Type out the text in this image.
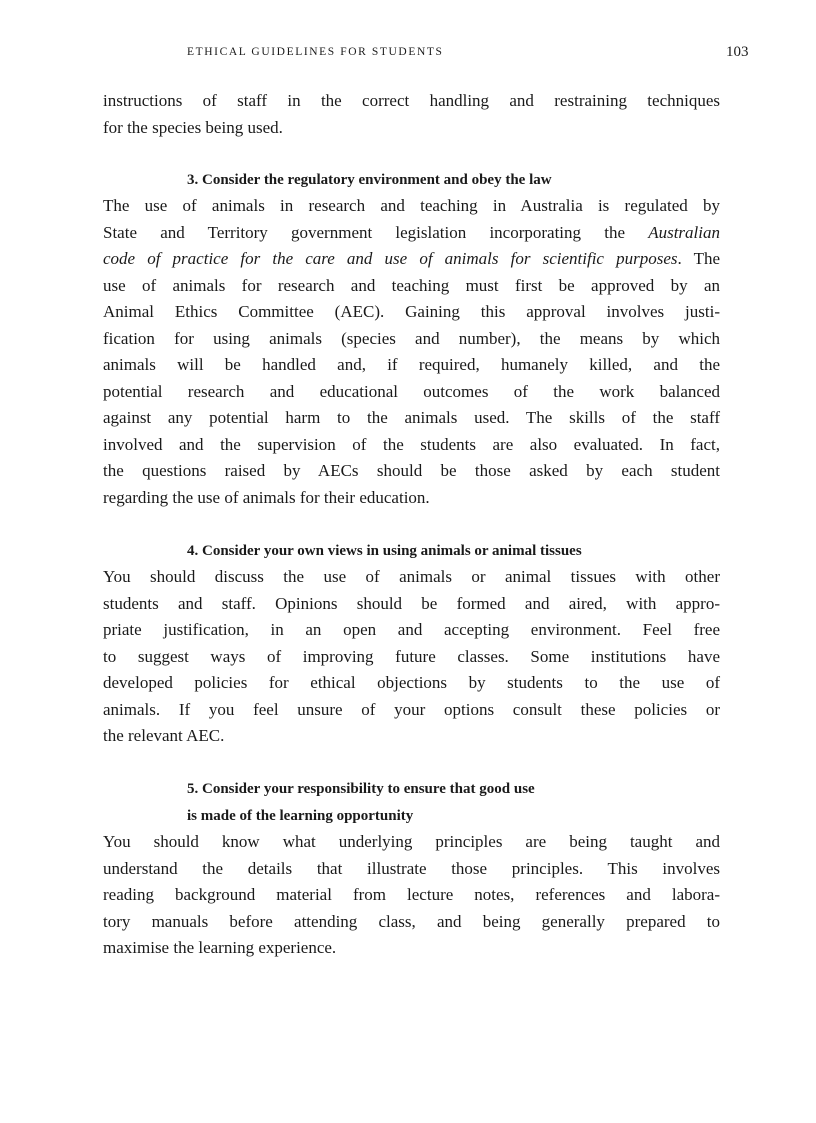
ETHICAL GUIDELINES FOR STUDENTS	103
instructions of staff in the correct handling and restraining techniques
for the species being used.
3. Consider the regulatory environment and obey the law
The use of animals in research and teaching in Australia is regulated by
State and Territory government legislation incorporating the Australian
code of practice for the care and use of animals for scientific purposes. The
use of animals for research and teaching must first be approved by an
Animal Ethics Committee (AEC). Gaining this approval involves justi-
fication for using animals (species and number), the means by which
animals will be handled and, if required, humanely killed, and the
potential research and educational outcomes of the work balanced
against any potential harm to the animals used. The skills of the staff
involved and the supervision of the students are also evaluated. In fact,
the questions raised by AECs should be those asked by each student
regarding the use of animals for their education.
4. Consider your own views in using animals or animal tissues
You should discuss the use of animals or animal tissues with other
students and staff. Opinions should be formed and aired, with appro-
priate justification, in an open and accepting environment. Feel free
to suggest ways of improving future classes. Some institutions have
developed policies for ethical objections by students to the use of
animals. If you feel unsure of your options consult these policies or
the relevant AEC.
5. Consider your responsibility to ensure that good use
is made of the learning opportunity
You should know what underlying principles are being taught and
understand the details that illustrate those principles. This involves
reading background material from lecture notes, references and labora-
tory manuals before attending class, and being generally prepared to
maximise the learning experience.
